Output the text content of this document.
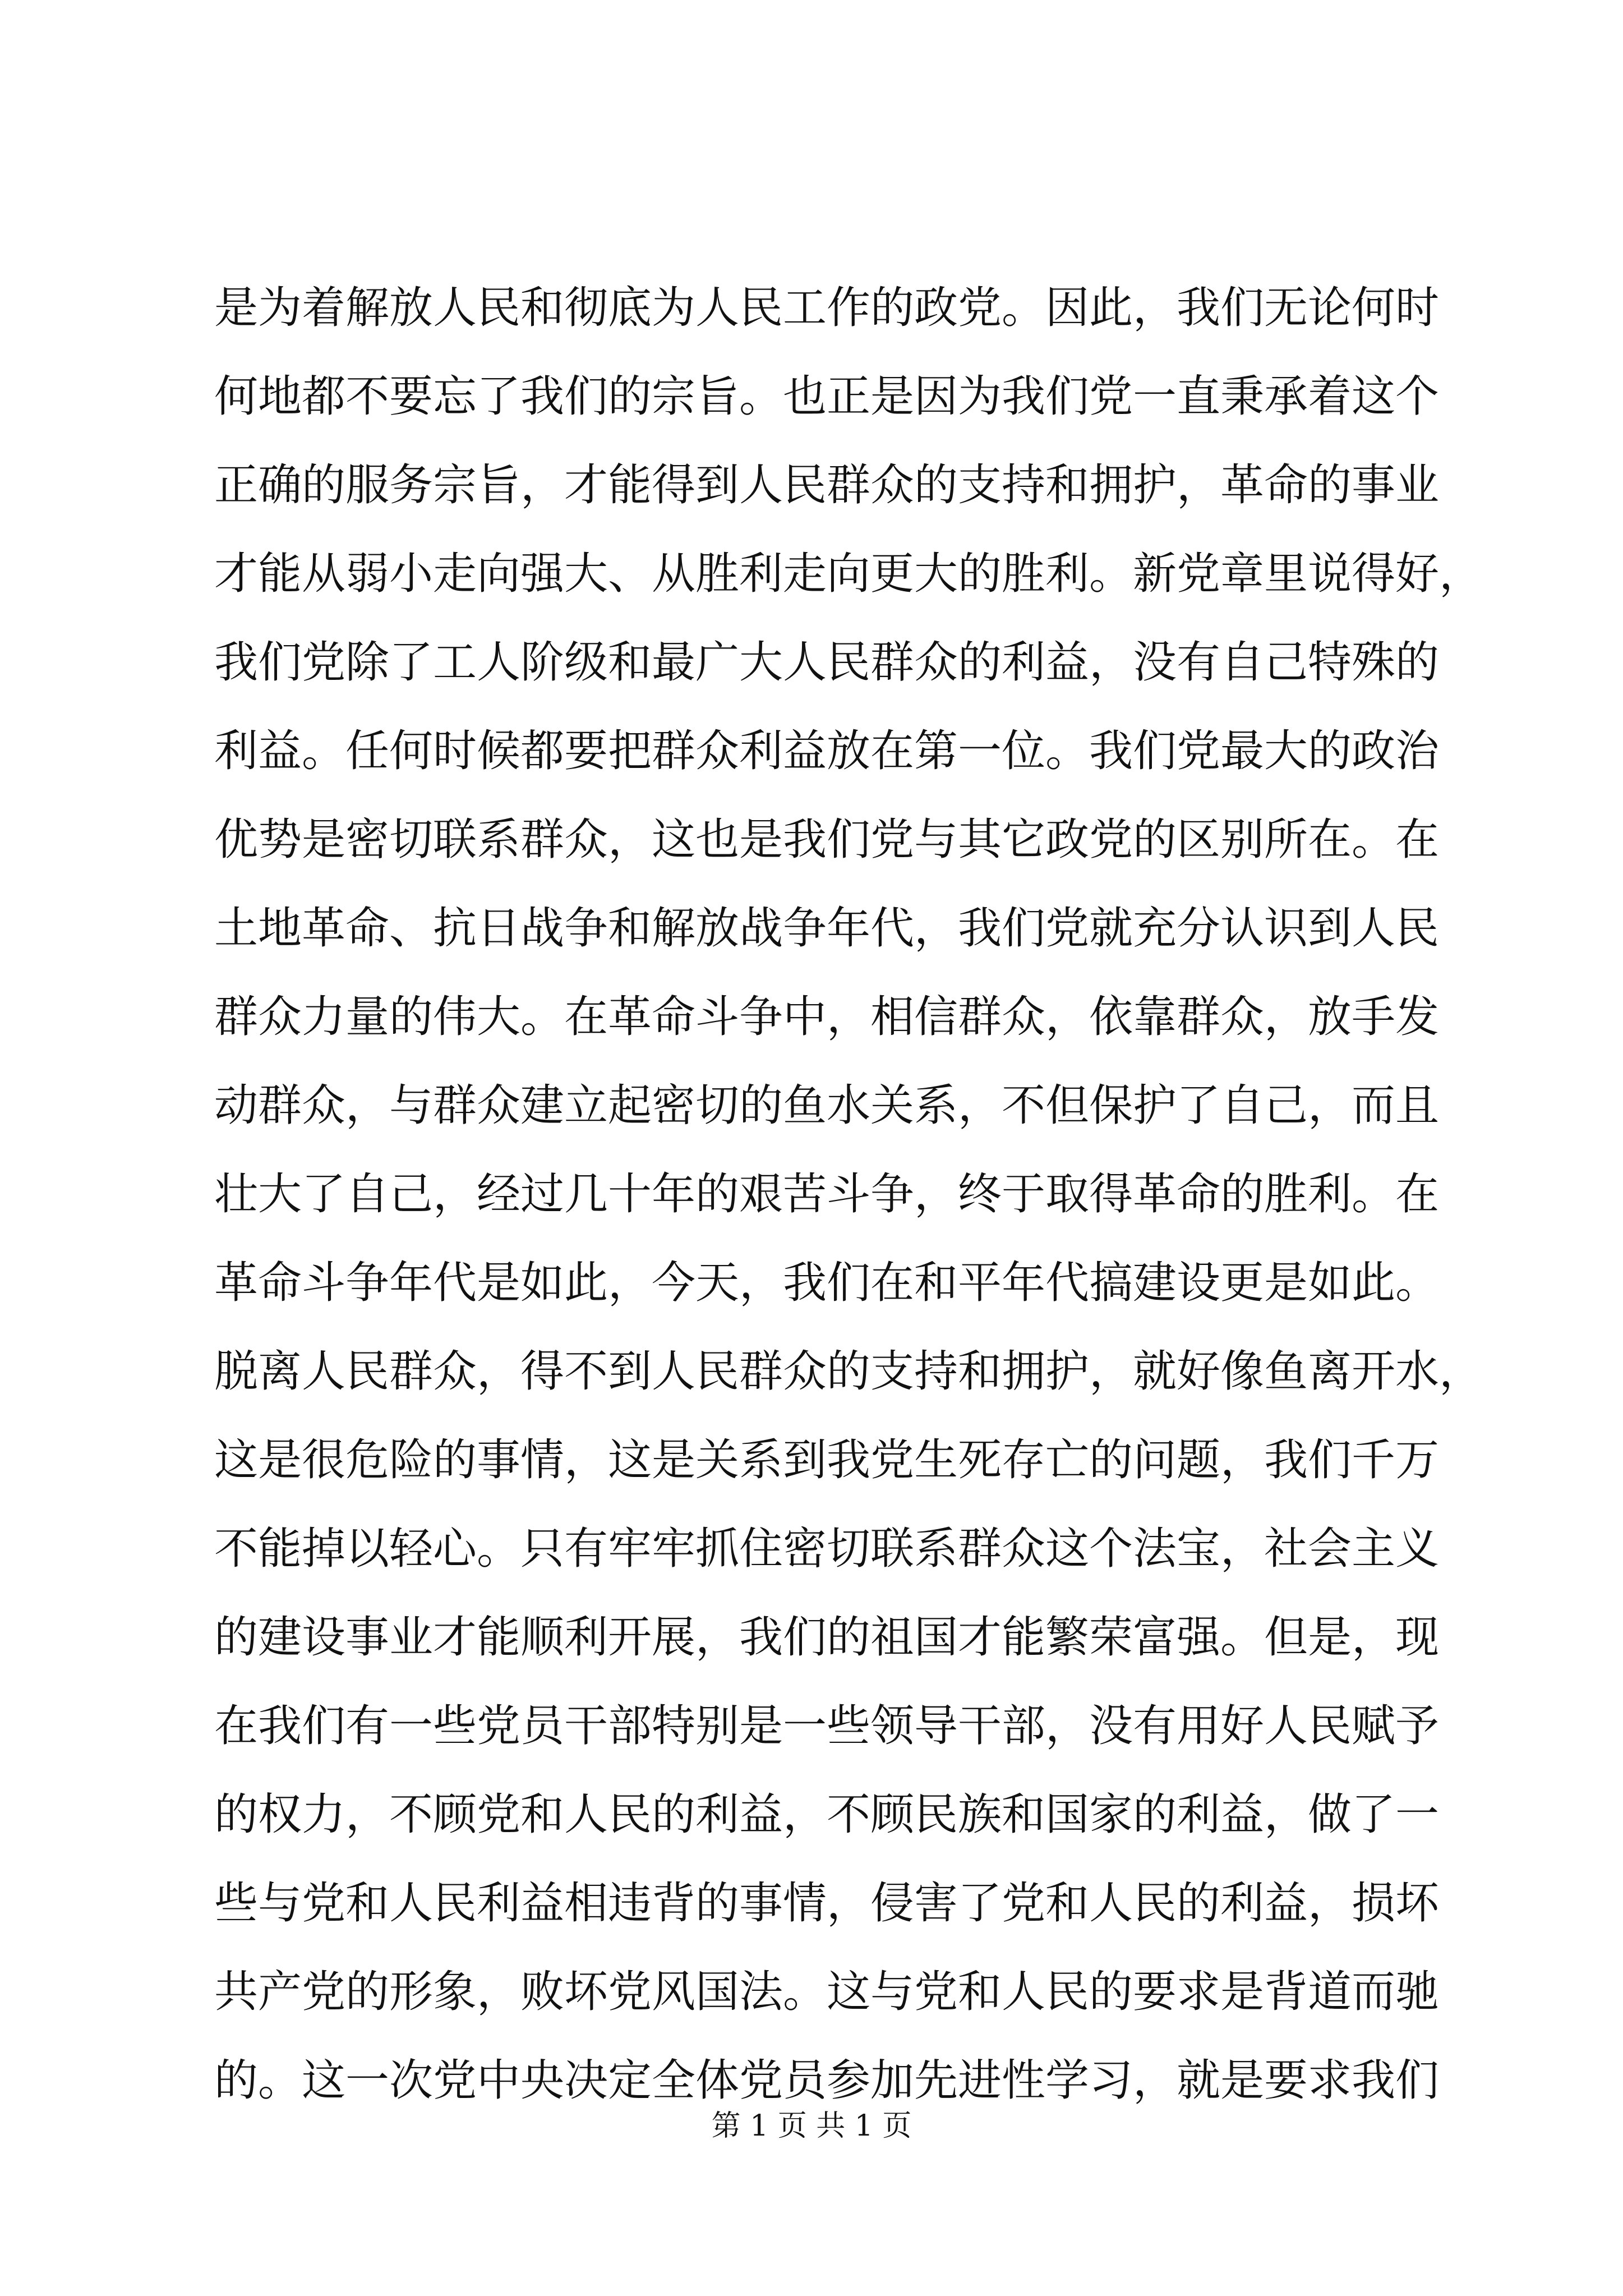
是为着解放人民和彻底为人民工作的政党。因此，我们无论何时
何地都不要忘了我们的宗旨。也正是因为我们党一直秉承着这个
正确的服务宗旨，才能得到人民群众的支持和拥护，革命的事业
才能从弱小走向强大、从胜利走向更大的胜利。新党章里说得好，
我们党除了工人阶级和最广大人民群众的利益，没有自己特殊的
利益。任何时候都要把群众利益放在第一位。我们党最大的政治
优势是密切联系群众，这也是我们党与其它政党的区别所在。在
土地革命、抗日战争和解放战争年代，我们党就充分认识到人民
群众力量的伟大。在革命斗争中，相信群众，依靠群众，放手发
动群众，与群众建立起密切的鱼水关系，不但保护了自己，而且
壮大了自己，经过几十年的艰苦斗争，终于取得革命的胜利。在
革命斗争年代是如此，今天，我们在和平年代搞建设更是如此。
脱离人民群众，得不到人民群众的支持和拥护，就好像鱼离开水，
这是很危险的事情，这是关系到我党生死存亡的问题，我们千万
不能掉以轻心。只有牢牢抓住密切联系群众这个法宝，社会主义
的建设事业才能顺利开展，我们的祖国才能繁荣富强。但是，现
在我们有一些党员干部特别是一些领导干部，没有用好人民赋予
的权力，不顾党和人民的利益，不顾民族和国家的利益，做了一
些与党和人民利益相违背的事情，侵害了党和人民的利益，损坏
共产党的形象，败坏党风国法。这与党和人民的要求是背道而驰
的。这一次党中央决定全体党员参加先进性学习，就是要求我们
第 1 页 共 1 页
